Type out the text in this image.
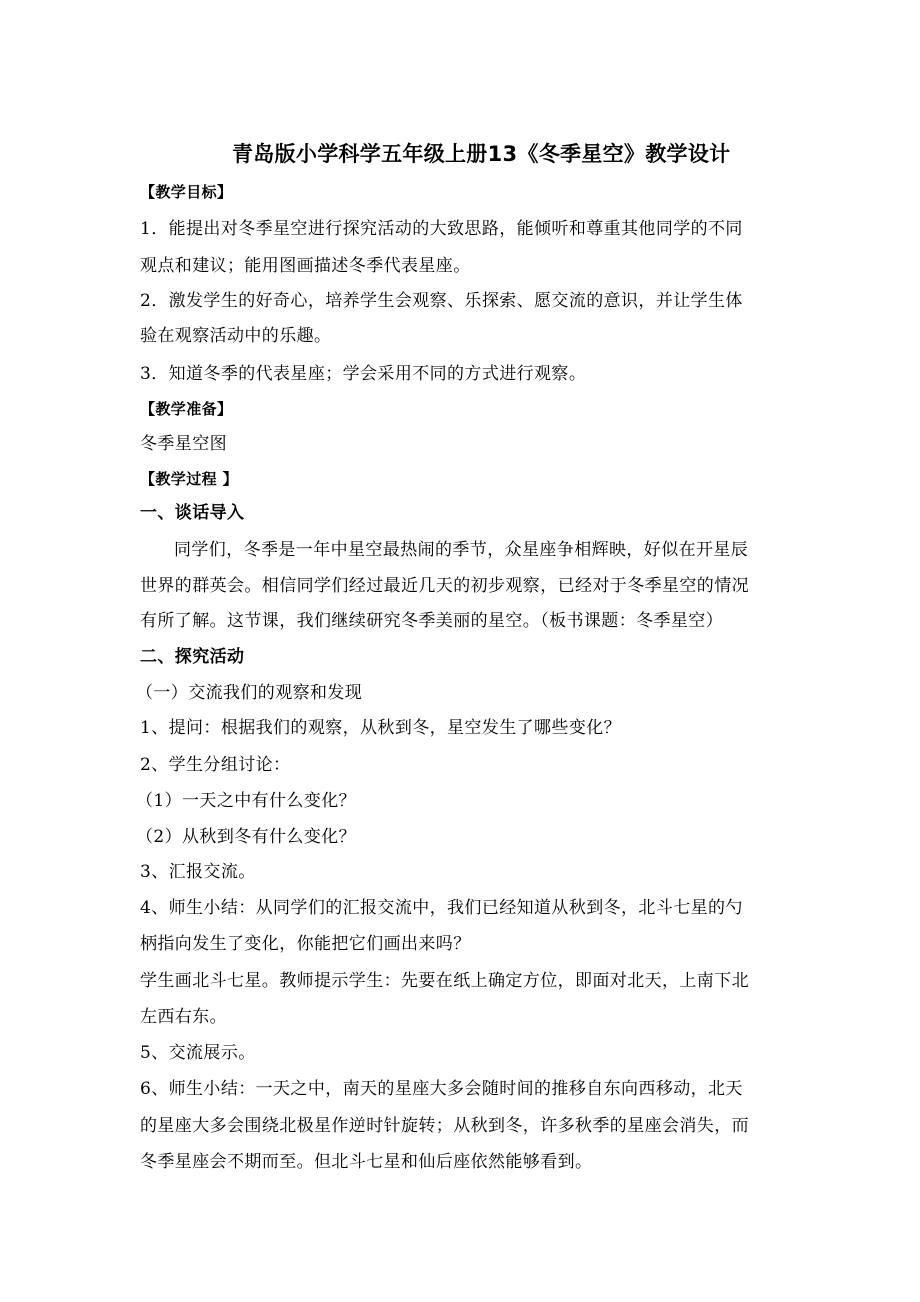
青岛版小学科学五年级上册13《冬季星空》教学设计
【教学目标】
1．能提出对冬季星空进行探究活动的大致思路，能倾听和尊重其他同学的不同
观点和建议；能用图画描述冬季代表星座。
2．激发学生的好奇心，培养学生会观察、乐探索、愿交流的意识，并让学生体
验在观察活动中的乐趣。
3．知道冬季的代表星座；学会采用不同的方式进行观察。
【教学准备】
冬季星空图
【教学过程 】
一、谈话导入
同学们，冬季是一年中星空最热闹的季节，众星座争相辉映，好似在开星辰
世界的群英会。相信同学们经过最近几天的初步观察，已经对于冬季星空的情况
有所了解。这节课，我们继续研究冬季美丽的星空。（板书课题：冬季星空）
二、探究活动
（一）交流我们的观察和发现
1、提问：根据我们的观察，从秋到冬，星空发生了哪些变化？
2、学生分组讨论：
（1）一天之中有什么变化？
（2）从秋到冬有什么变化？
3、汇报交流。
4、师生小结：从同学们的汇报交流中，我们已经知道从秋到冬，北斗七星的勺
柄指向发生了变化，你能把它们画出来吗？
学生画北斗七星。教师提示学生：先要在纸上确定方位，即面对北天，上南下北
左西右东。
5、交流展示。
6、师生小结：一天之中，南天的星座大多会随时间的推移自东向西移动，北天
的星座大多会围绕北极星作逆时针旋转；从秋到冬，许多秋季的星座会消失，而
冬季星座会不期而至。但北斗七星和仙后座依然能够看到。
